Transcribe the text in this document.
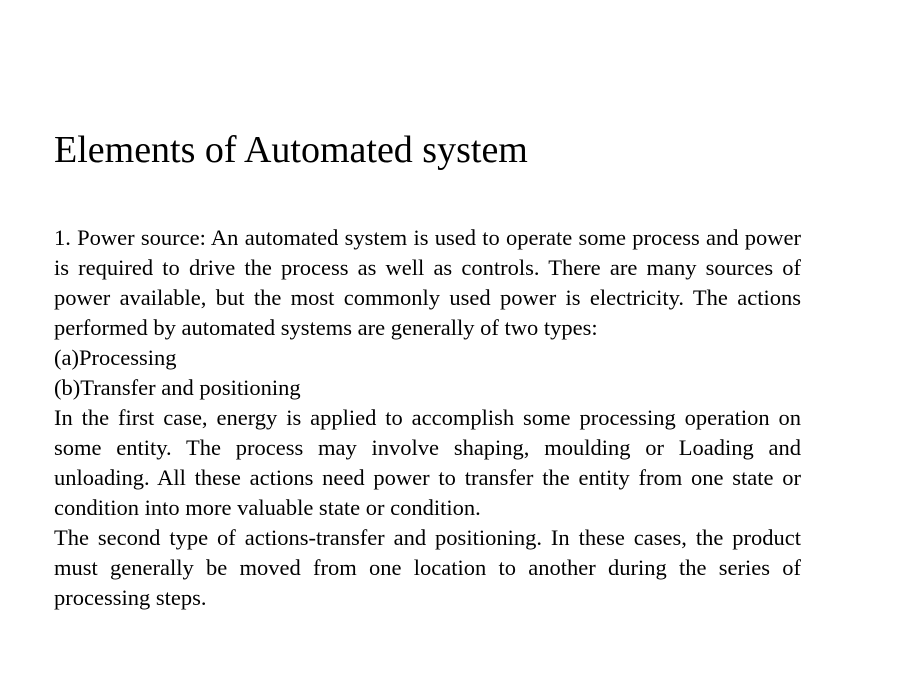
Elements of Automated system

1. Power source: An automated system is used to operate some process and power is required to drive the process as well as controls. There are many sources of power available, but the most commonly used power is electricity. The actions performed by automated systems are generally of two types:

(a)Processing

(b)Transfer and positioning

In the first case, energy is applied to accomplish some processing operation on some entity. The process may involve shaping, moulding or Loading and unloading. All these actions need power to transfer the entity from one state or condition into more valuable state or condition.

The second type of actions-transfer and positioning. In these cases, the product must generally be moved from one location to another during the series of processing steps.
